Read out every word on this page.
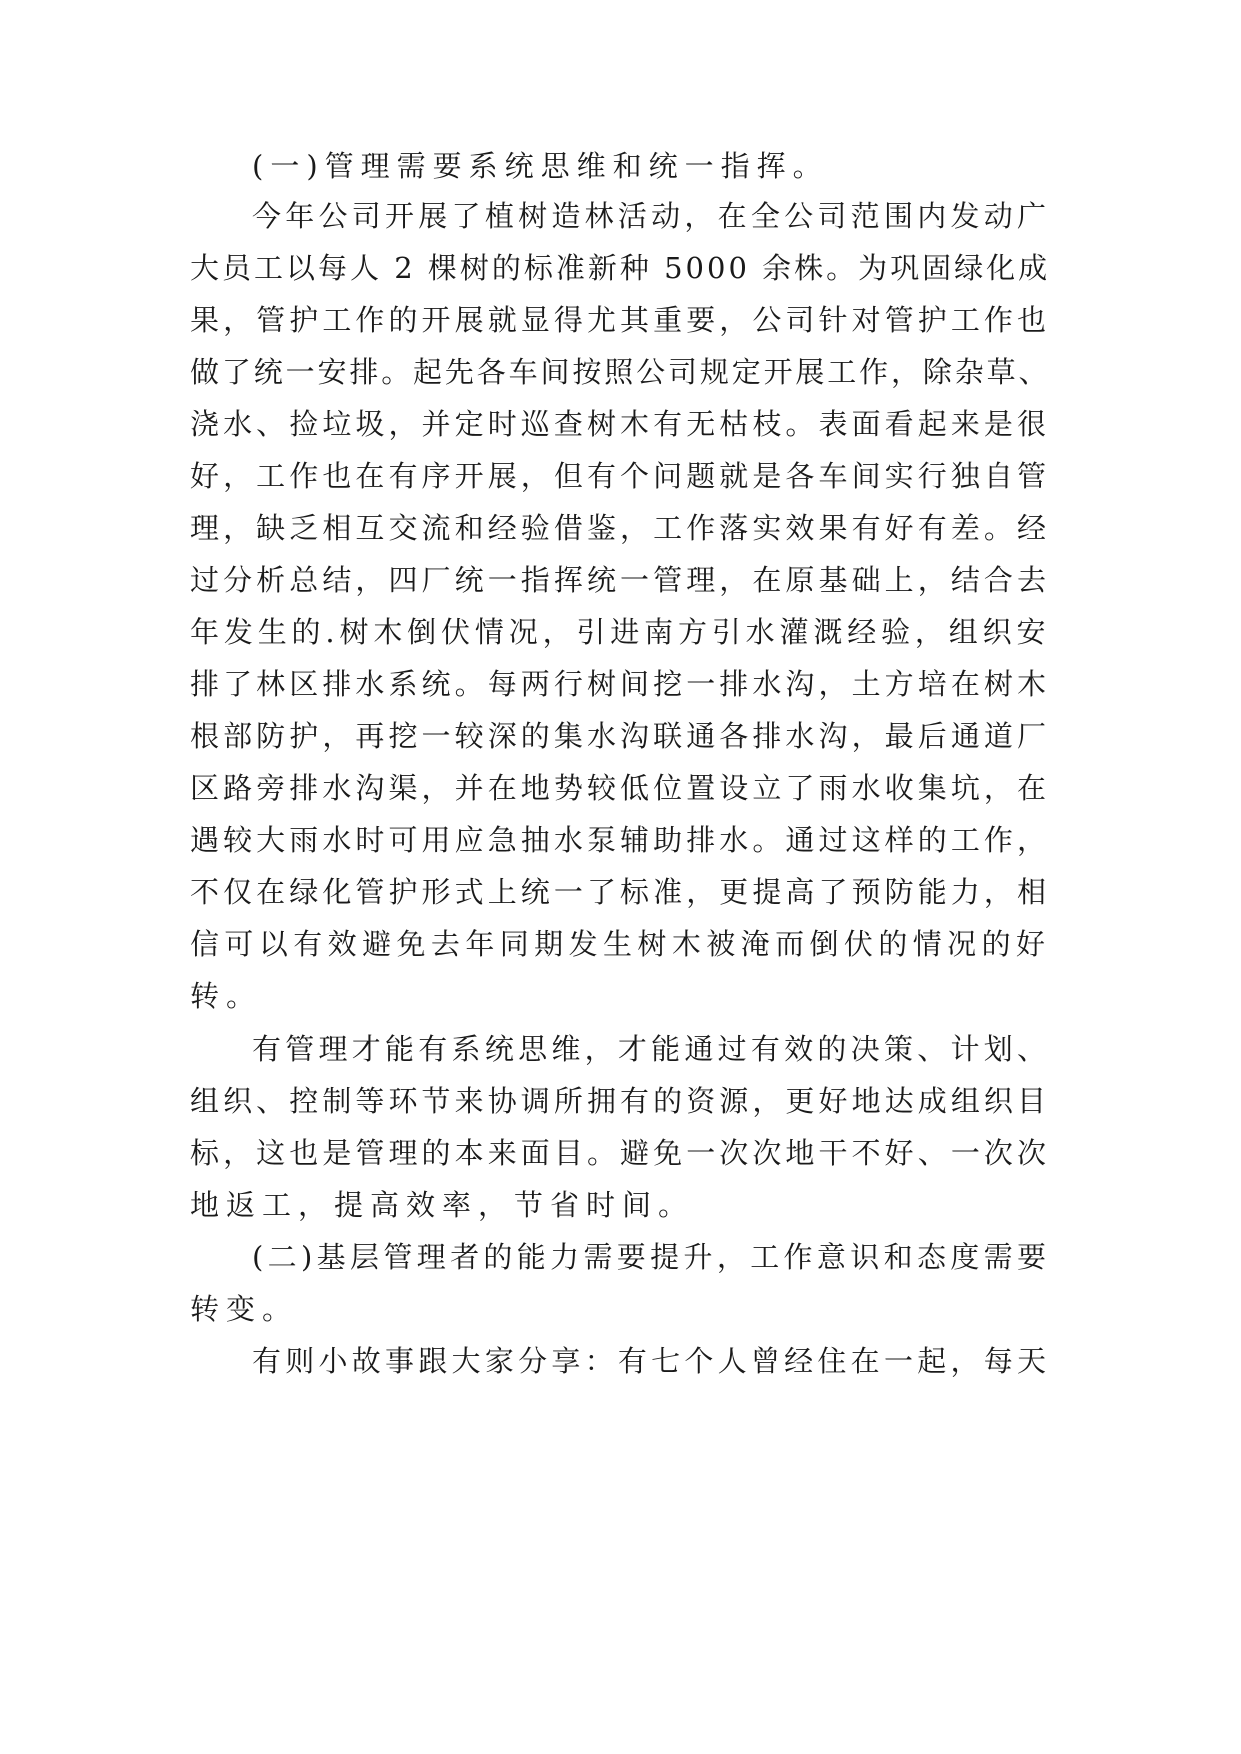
(一)管理需要系统思维和统一指挥。
今年公司开展了植树造林活动，在全公司范围内发动广
大员工以每人 2 棵树的标准新种 5000 余株。为巩固绿化成
果，管护工作的开展就显得尤其重要，公司针对管护工作也
做了统一安排。起先各车间按照公司规定开展工作，除杂草、
浇水、捡垃圾，并定时巡查树木有无枯枝。表面看起来是很
好，工作也在有序开展，但有个问题就是各车间实行独自管
理，缺乏相互交流和经验借鉴，工作落实效果有好有差。经
过分析总结，四厂统一指挥统一管理，在原基础上，结合去
年发生的.树木倒伏情况，引进南方引水灌溉经验，组织安
排了林区排水系统。每两行树间挖一排水沟，土方培在树木
根部防护，再挖一较深的集水沟联通各排水沟，最后通道厂
区路旁排水沟渠，并在地势较低位置设立了雨水收集坑，在
遇较大雨水时可用应急抽水泵辅助排水。通过这样的工作，
不仅在绿化管护形式上统一了标准，更提高了预防能力，相
信可以有效避免去年同期发生树木被淹而倒伏的情况的好
转。
有管理才能有系统思维，才能通过有效的决策、计划、
组织、控制等环节来协调所拥有的资源，更好地达成组织目
标，这也是管理的本来面目。避免一次次地干不好、一次次
地返工，提高效率，节省时间。
(二)基层管理者的能力需要提升，工作意识和态度需要
转变。
有则小故事跟大家分享：有七个人曾经住在一起，每天
